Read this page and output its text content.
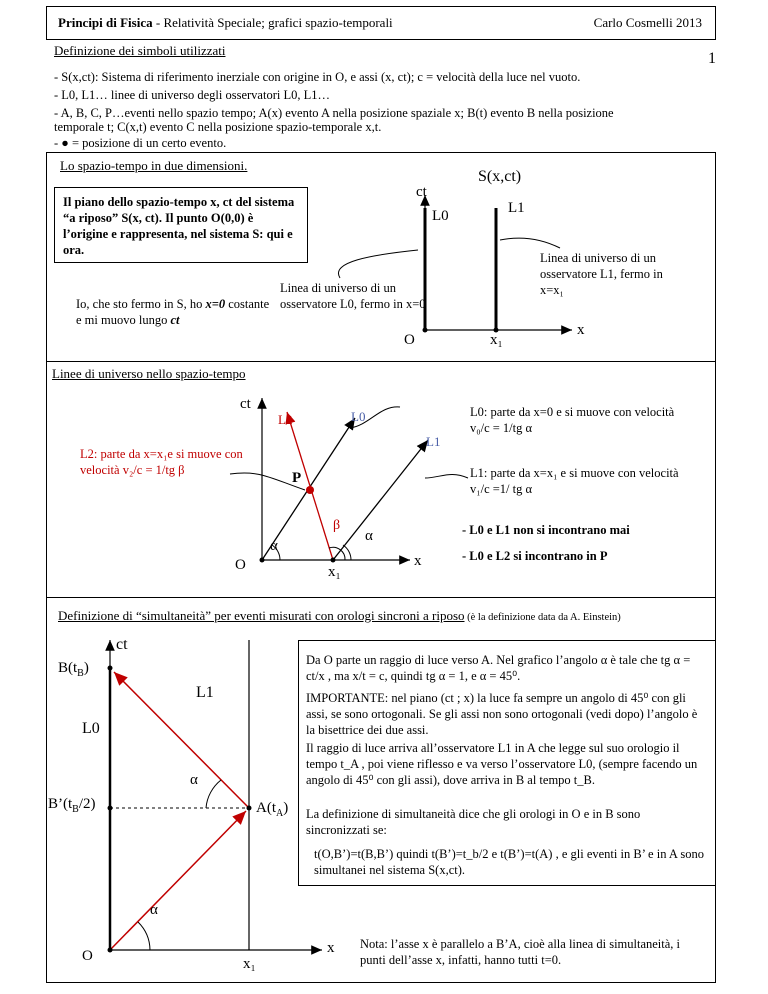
Principi di Fisica - Relatività Speciale; grafici spazio-temporali	Carlo Cosmelli 2013
Definizione dei simboli utilizzati	1
- S(x,ct): Sistema di riferimento inerziale con origine in O, e assi (x, ct); c = velocità della luce nel vuoto.
- L0, L1… linee di universo degli osservatori L0, L1…
- A, B, C, P…eventi nello spazio tempo; A(x) evento A nella posizione spaziale x; B(t) evento B nella posizione
temporale t; C(x,t) evento C nella posizione spazio-temporale x,t.
- ● = posizione di un certo evento.
Lo spazio-tempo in due dimensioni.
S(x,ct)
Il piano dello spazio-tempo x, ct del sistema “a riposo” S(x, ct). Il punto O(0,0) è l’origine e rappresenta, nel sistema S: qui e ora.
Io, che sto fermo in S, ho x=0 costante e mi muovo lungo ct
Linea di universo di un osservatore L0, fermo in x=0
Linea di universo di un osservatore L1, fermo in x=x₁
ct
L0	L1
O	x₁
x
Linee di universo nello spazio-tempo
ct
L2	L0
L1
P
α
α
β
O	x₁
x
L2: parte da x=x₁e si muove con velocità v₂/c = 1/tg β
L0: parte da x=0 e si muove con velocità v₀/c = 1/tg α
L1: parte da x=x₁ e si muove con velocità v₁/c =1/ tg α
- L0 e L1 non si incontrano mai
- L0 e L2 si incontrano in P
Definizione di “simultaneità” per eventi misurati con orologi sincroni a riposo (è la definizione data da A. Einstein)
ct
$B(t_B)$
L1
L0
$B’(t_B/2)$
α
$A(t_A)$
α
O	x₁
x
Da O parte un raggio di luce verso A. Nel grafico l’angolo α è tale che tg α = ct/x , ma x/t = c, quindi tg α = 1, e α = 45⁰.
IMPORTANTE: nel piano (ct ; x) la luce fa sempre un angolo di 45⁰ con gli assi, se sono ortogonali. Se gli assi non sono ortogonali (vedi dopo) l’angolo è la bisettrice dei due assi.
Il raggio di luce arriva all’osservatore L1 in A che legge sul suo orologio il tempo t_A , poi viene riflesso e va verso l’osservatore L0, (sempre facendo un angolo di 45⁰ con gli assi), dove arriva in B al tempo t_B.
La definizione di simultaneità dice che gli orologi in O e in B sono sincronizzati se:
t(O,B’)=t(B,B’) quindi t(B’)=t_b/2 e t(B’)=t(A) , e gli eventi in B’ e in A sono simultanei nel sistema S(x,ct).
Nota: l’asse x è parallelo a B’A, cioè alla linea di simultaneità, i punti dell’asse x, infatti, hanno tutti t=0.
